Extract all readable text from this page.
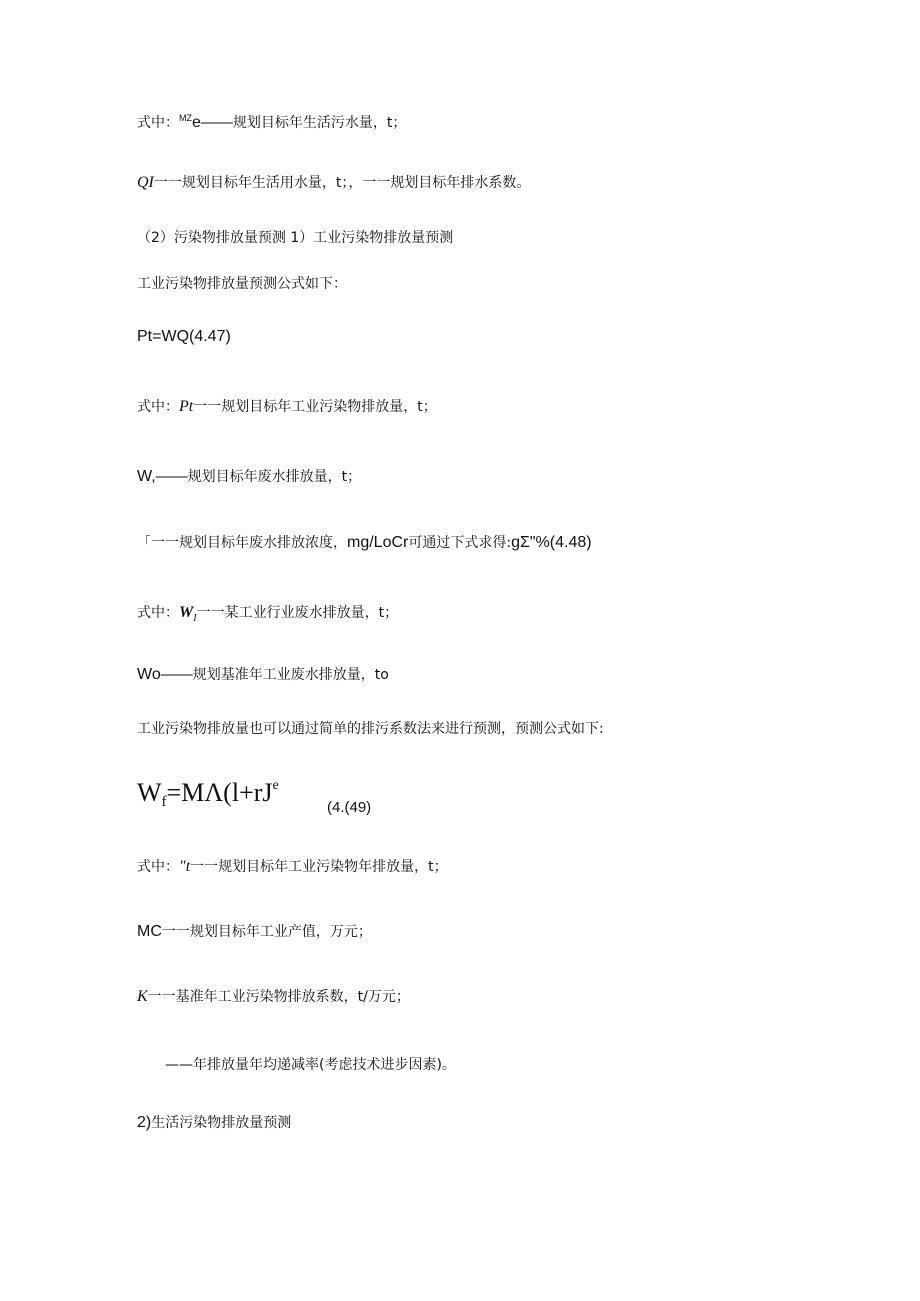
式中：$^{MZ}$e——规划目标年生活污水量，t；
QI一一规划目标年生活用水量，t；，一一规划目标年排水系数。
（2）污染物排放量预测 1）工业污染物排放量预测
工业污染物排放量预测公式如下：
Pt=WQ(4.47)
式中：Pt一一规划目标年工业污染物排放量，t；
W,——规划目标年废水排放量，t；
「一一规划目标年废水排放浓度，mg/LoCr可通过下式求得:gΣ"%(4.48)
式中：$W_I$一一某工业行业废水排放量，t；
Wo——规划基准年工业废水排放量，to
工业污染物排放量也可以通过简单的排污系数法来进行预测，预测公式如下:
$W_f=M\Lambda(l+rJ^e$
(4.(49)
式中："t一一规划目标年工业污染物年排放量，t；
MC一一规划目标年工业产值，万元；
K一一基准年工业污染物排放系数，t/万元；
——年排放量年均递减率(考虑技术进步因素)。
2)生活污染物排放量预测
